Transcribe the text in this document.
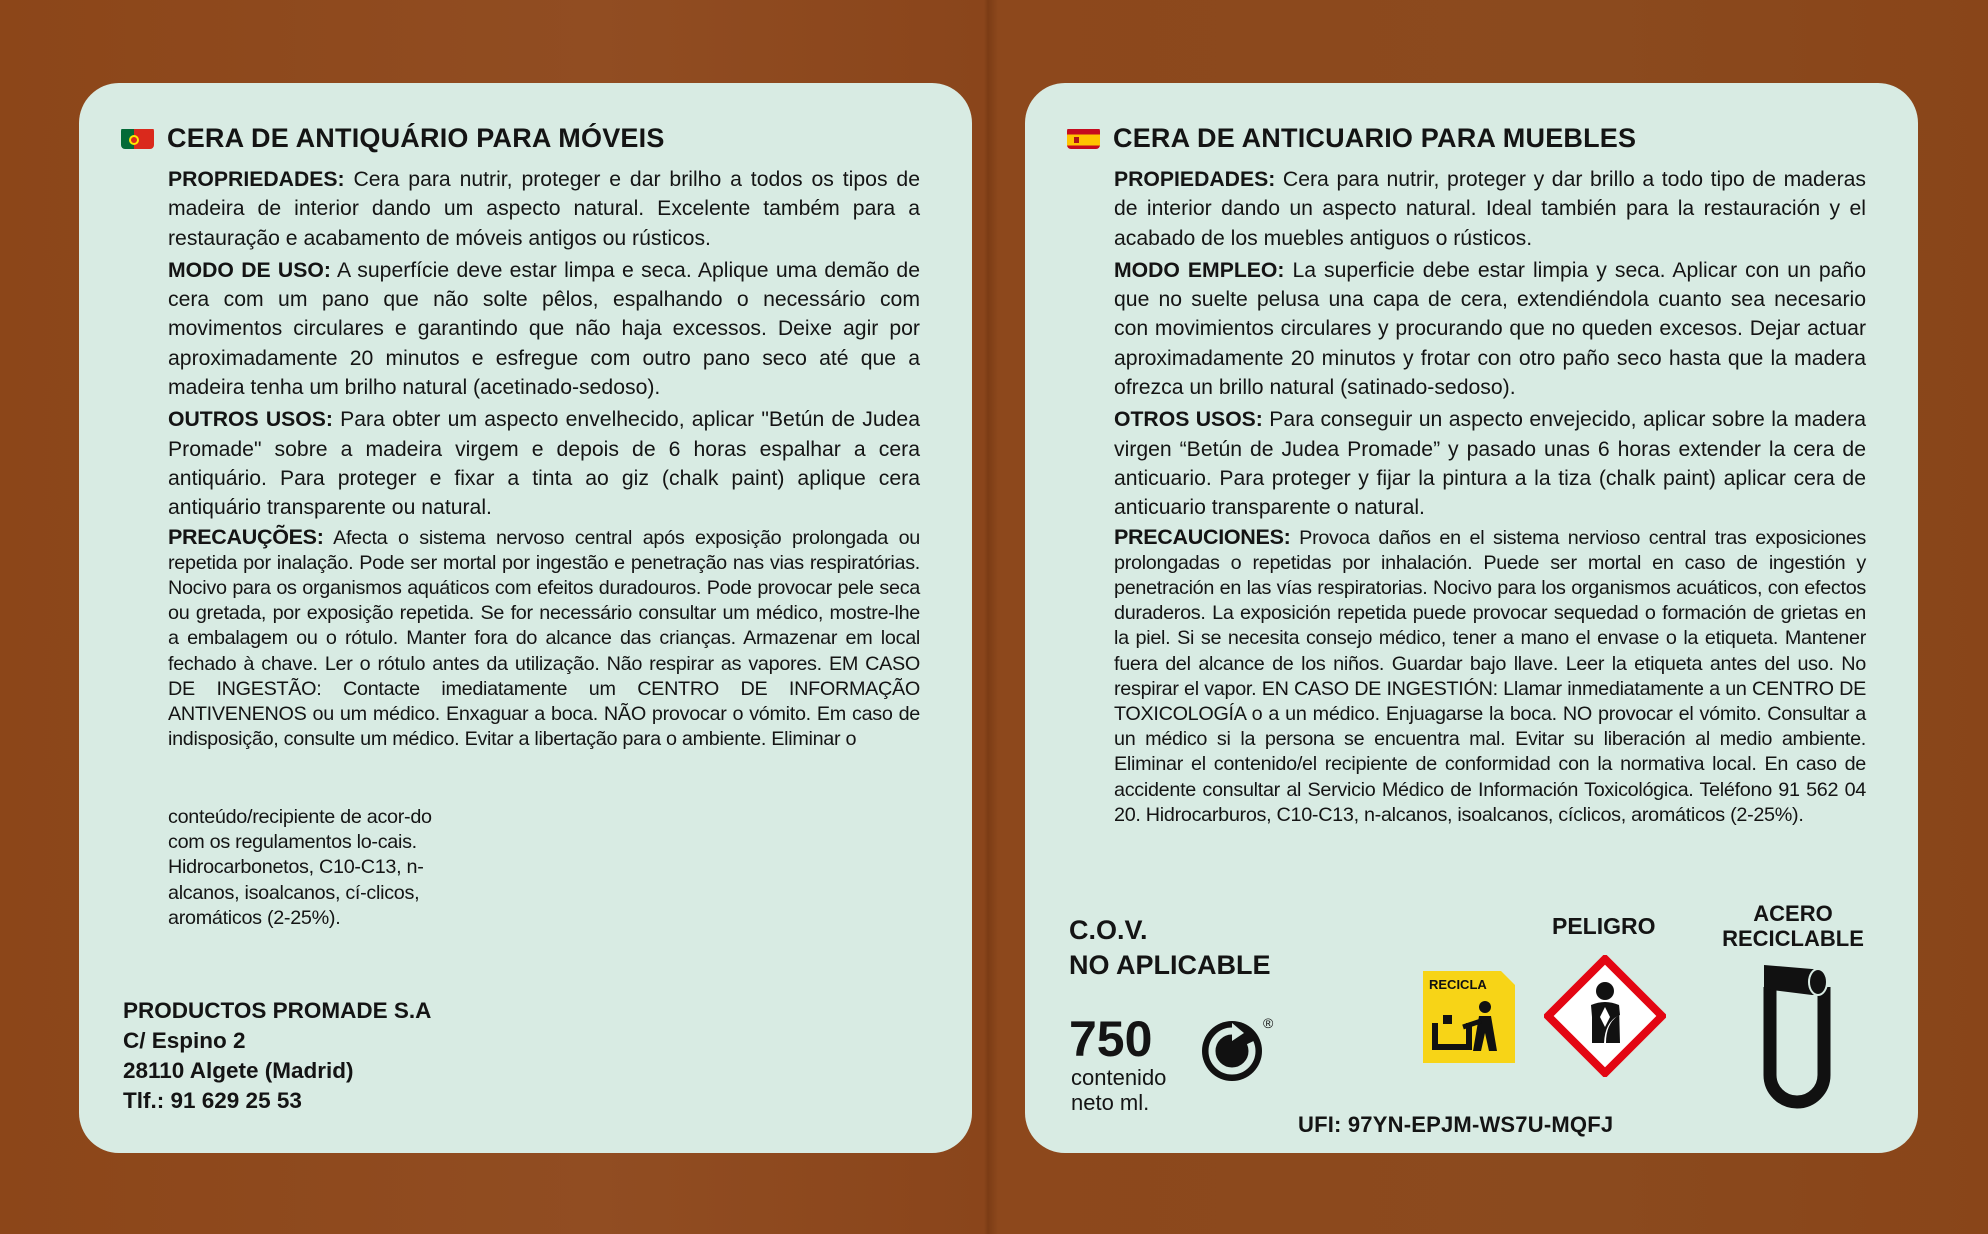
CERA DE ANTIQUÁRIO PARA MÓVEIS
PROPRIEDADES: Cera para nutrir, proteger e dar brilho a todos os tipos de madeira de interior dando um aspecto natural. Excelente também para a restauração e acabamento de móveis antigos ou rústicos.
MODO DE USO: A superfície deve estar limpa e seca. Aplique uma demão de cera com um pano que não solte pêlos, espalhando o necessário com movimentos circulares e garantindo que não haja excessos. Deixe agir por aproximadamente 20 minutos e esfregue com outro pano seco até que a madeira tenha um brilho natural (acetinado-sedoso).
OUTROS USOS: Para obter um aspecto envelhecido, aplicar "Betún de Judea Promade" sobre a madeira virgem e depois de 6 horas espalhar a cera antiquário. Para proteger e fixar a tinta ao giz (chalk paint) aplique cera antiquário transparente ou natural.
PRECAUÇÕES: Afecta o sistema nervoso central após exposição prolongada ou repetida por inalação. Pode ser mortal por ingestão e penetração nas vias respiratórias. Nocivo para os organismos aquáticos com efeitos duradouros. Pode provocar pele seca ou gretada, por exposição repetida. Se for necessário consultar um médico, mostre-lhe a embalagem ou o rótulo. Manter fora do alcance das crianças. Armazenar em local fechado à chave. Ler o rótulo antes da utilização. Não respirar as vapores. EM CASO DE INGESTÃO: Contacte imediatamente um CENTRO DE INFORMAÇÃO ANTIVENENOS ou um médico. Enxaguar a boca. NÃO provocar o vómito. Em caso de indisposição, consulte um médico. Evitar a libertação para o ambiente. Eliminar o
conteúdo/recipiente de acor-do com os regulamentos lo-cais. Hidrocarbonetos, C10-C13, n-alcanos, isoalcanos, cí-clicos, aromáticos (2-25%).
PRODUCTOS PROMADE S.A
C/ Espino 2
28110 Algete (Madrid)
Tlf.: 91 629 25 53
CERA DE ANTICUARIO PARA MUEBLES
PROPIEDADES: Cera para nutrir, proteger y dar brillo a todo tipo de maderas de interior dando un aspecto natural. Ideal también para la restauración y el acabado de los muebles antiguos o rústicos.
MODO EMPLEO: La superficie debe estar limpia y seca. Aplicar con un paño que no suelte pelusa una capa de cera, extendiéndola cuanto sea necesario con movimientos circulares y procurando que no queden excesos. Dejar actuar aproximadamente 20 minutos y frotar con otro paño seco hasta que la madera ofrezca un brillo natural (satinado-sedoso).
OTROS USOS: Para conseguir un aspecto envejecido, aplicar sobre la madera virgen “Betún de Judea Promade” y pasado unas 6 horas extender la cera de anticuario. Para proteger y fijar la pintura a la tiza (chalk paint) aplicar cera de anticuario transparente o natural.
PRECAUCIONES: Provoca daños en el sistema nervioso central tras exposiciones prolongadas o repetidas por inhalación. Puede ser mortal en caso de ingestión y penetración en las vías respiratorias. Nocivo para los organismos acuáticos, con efectos duraderos. La exposición repetida puede provocar sequedad o formación de grietas en la piel. Si se necesita consejo médico, tener a mano el envase o la etiqueta. Mantener fuera del alcance de los niños. Guardar bajo llave. Leer la etiqueta antes del uso. No respirar el vapor. EN CASO DE INGESTIÓN: Llamar inmediatamente a un CENTRO DE TOXICOLOGÍA o a un médico. Enjuagarse la boca. NO provocar el vómito. Consultar a un médico si la persona se encuentra mal. Evitar su liberación al medio ambiente. Eliminar el contenido/el recipiente de conformidad con la normativa local. En caso de accidente consultar al Servicio Médico de Información Toxicológica. Teléfono 91 562 04 20. Hidrocarburos, C10-C13, n-alcanos, isoalcanos, cíclicos, aromáticos (2-25%).
C.O.V.
NO APLICABLE
750
contenido
neto ml.
®
PELIGRO	ACERO
RECICLABLE
RECICLA
UFI: 97YN-EPJM-WS7U-MQFJ
